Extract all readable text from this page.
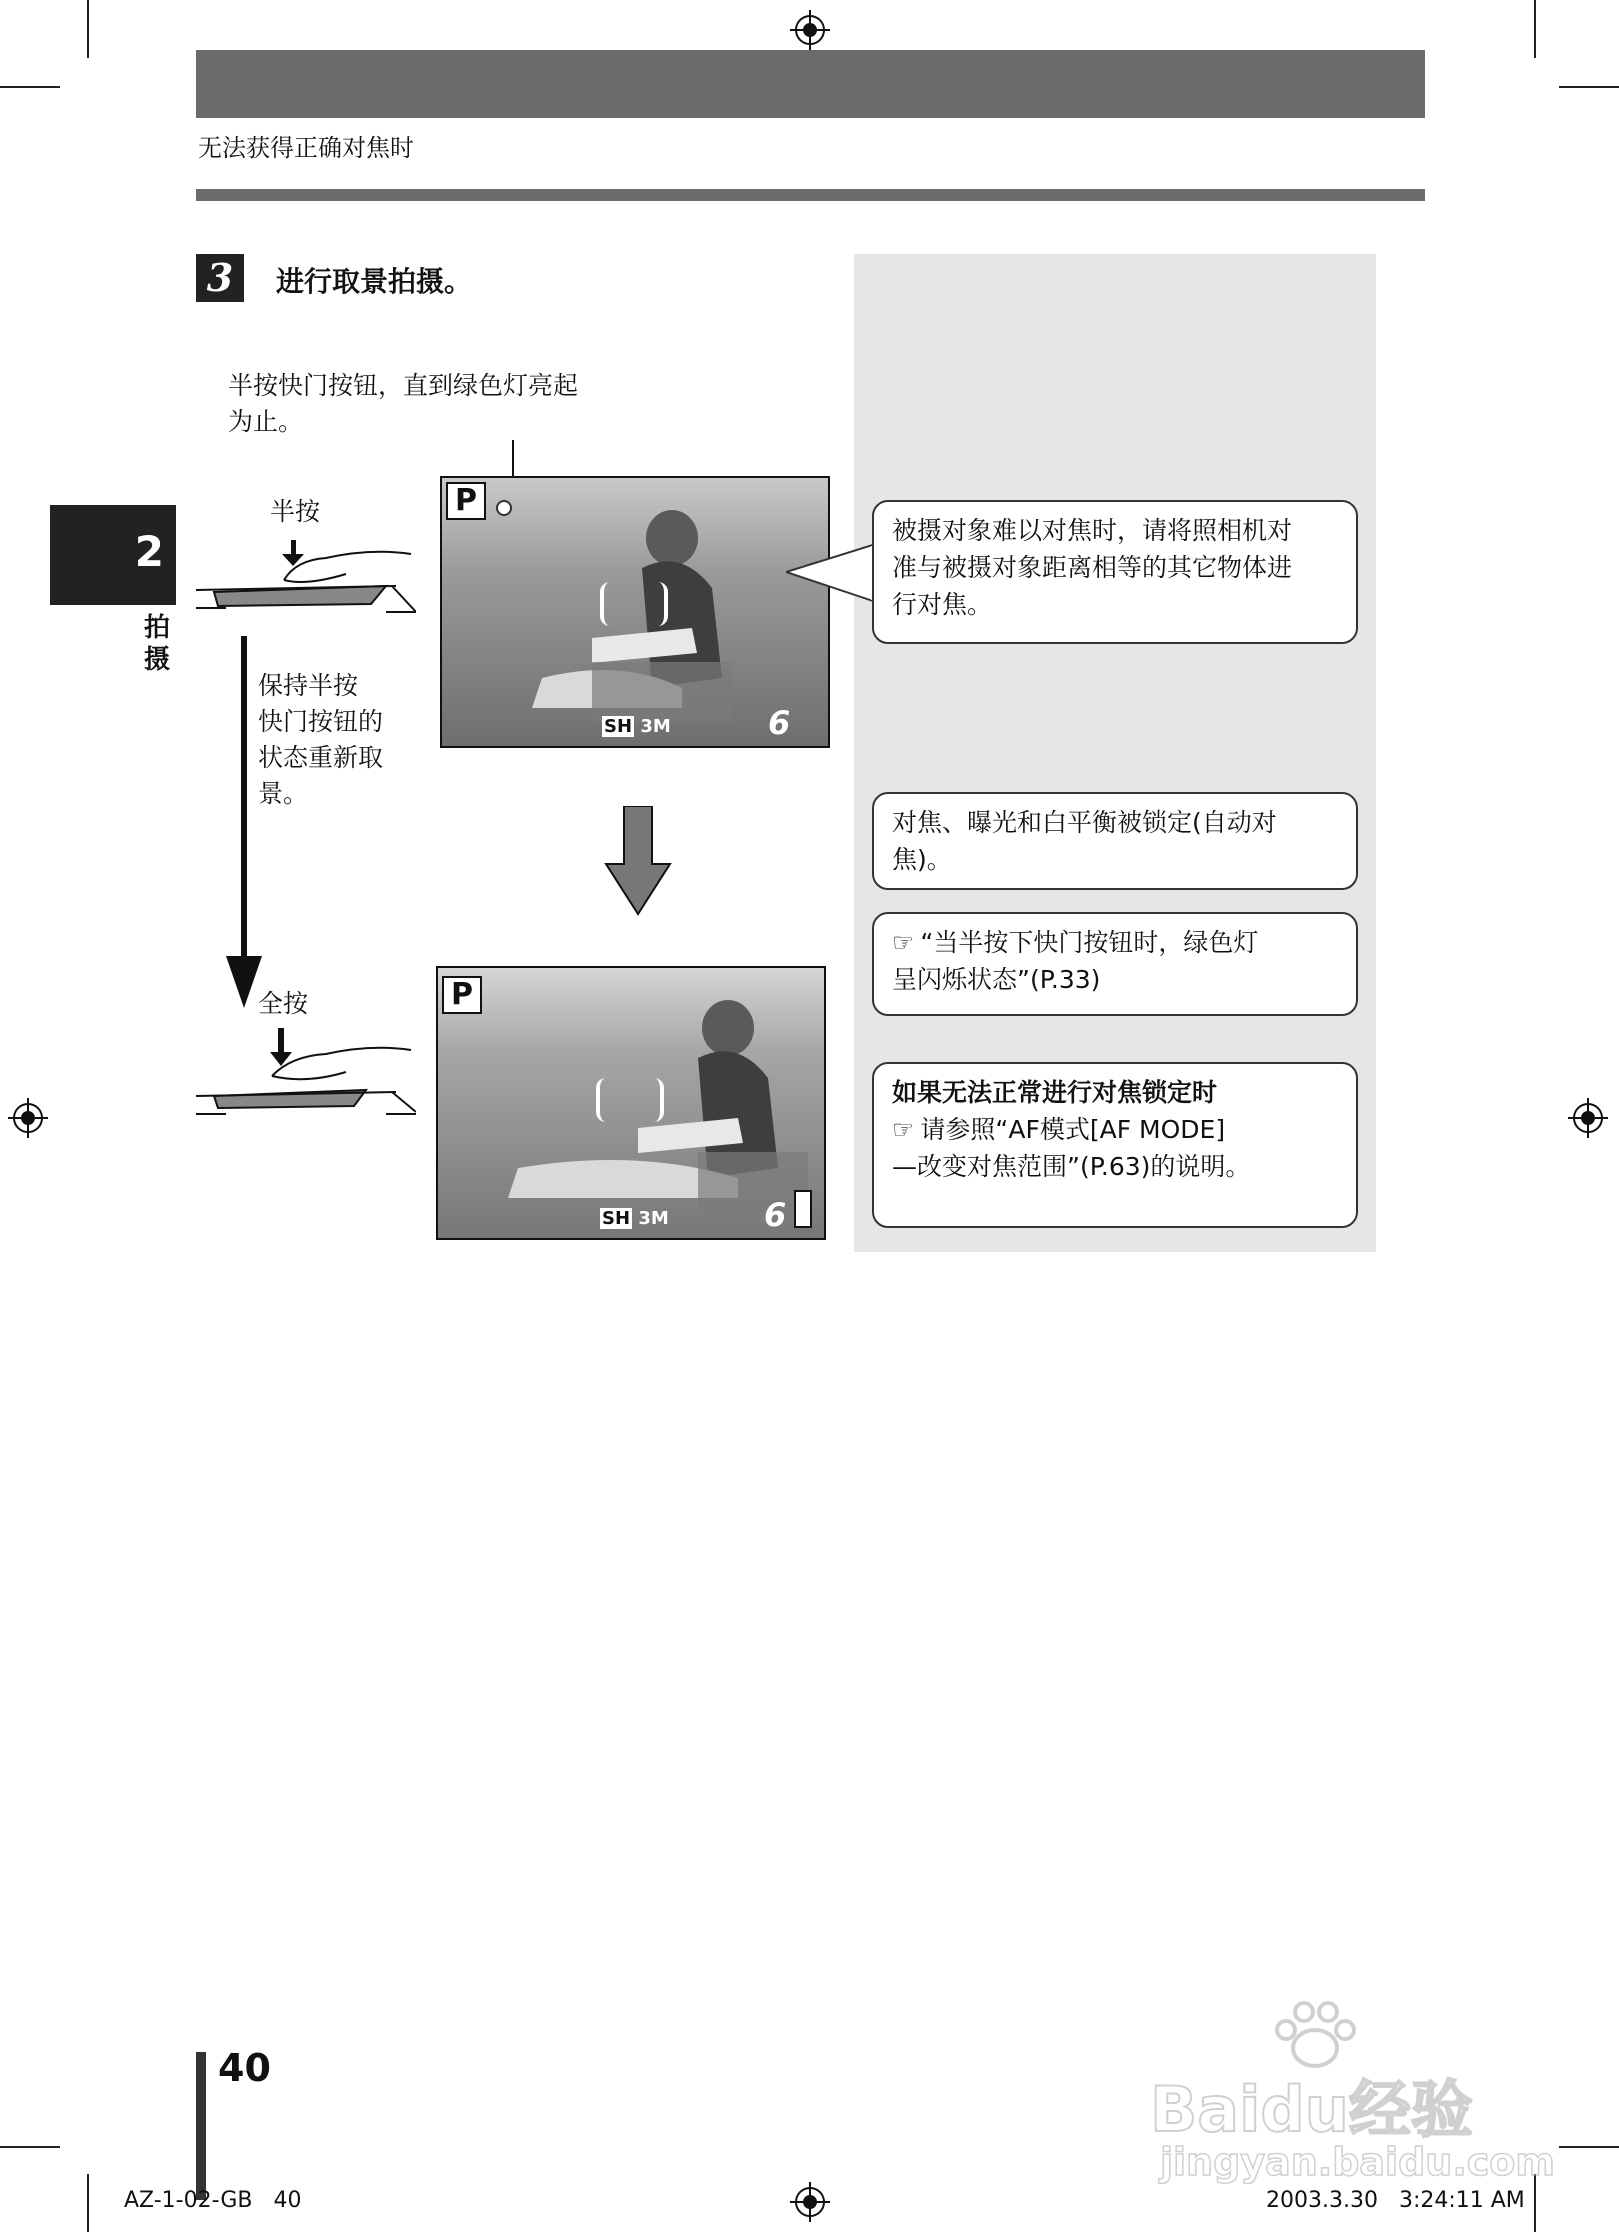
无法获得正确对焦时
2
拍摄
3	进行取景拍摄。
半按快门按钮，直到绿色灯亮起
为止。
半按
保持半按
快门按钮的
状态重新取
景。
全按
P
SH 3M	6
P
SH 3M	6
被摄对象难以对焦时，请将照相机对
准与被摄对象距离相等的其它物体进
行对焦。
对焦、曝光和白平衡被锁定(自动对
焦)。
☞ “当半按下快门按钮时，绿色灯
呈闪烁状态”(P.33)
如果无法正常进行对焦锁定时
☞ 请参照“AF模式[AF MODE]
—改变对焦范围”(P.63)的说明。
40
AZ-1-02-GB   40	2003.3.30   3:24:11 AM
Baidu经验
jingyan.baidu.com
